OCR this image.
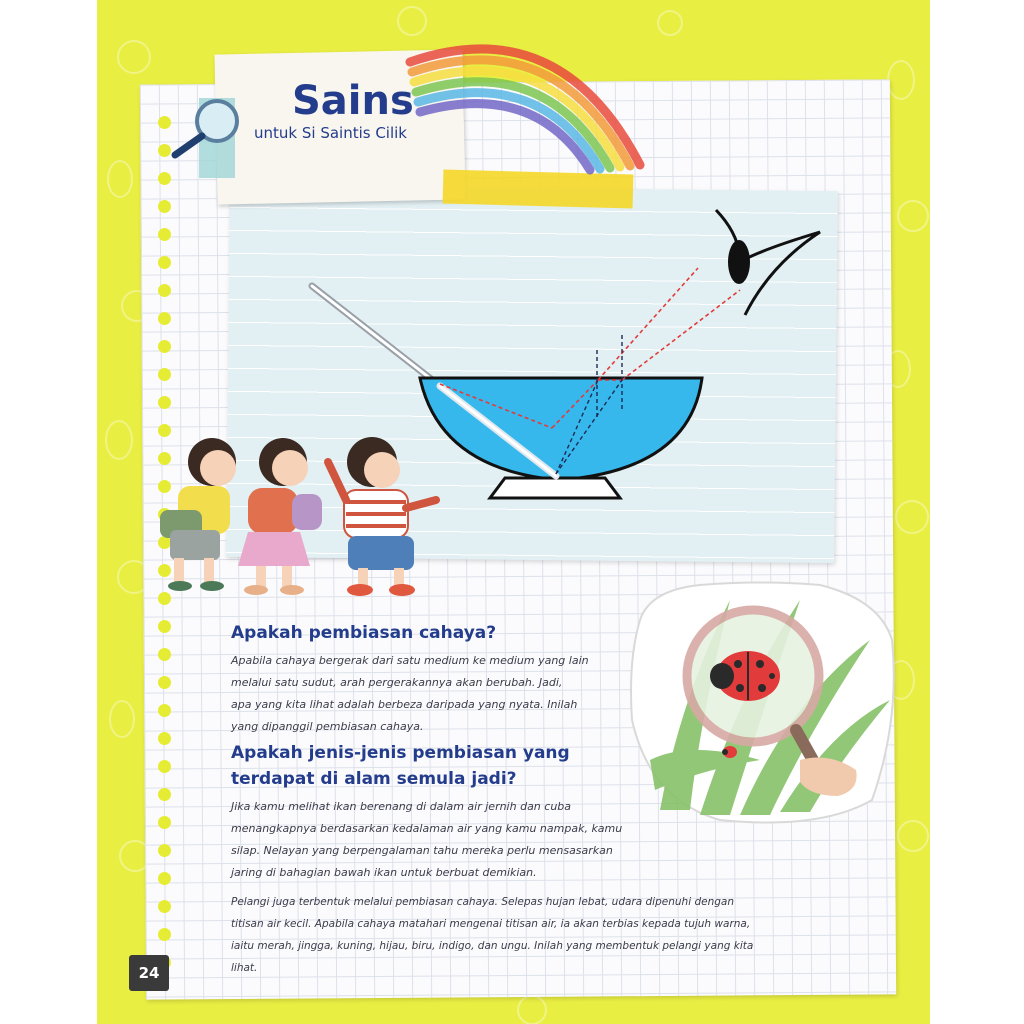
Sains
untuk Si Saintis Cilik
Apakah pembiasan cahaya?
Apabila cahaya bergerak dari satu medium ke medium yang lain
melalui satu sudut, arah pergerakannya akan berubah. Jadi,
apa yang kita lihat adalah berbeza daripada yang nyata. Inilah
yang dipanggil pembiasan cahaya.
Apakah jenis-jenis pembiasan yang
terdapat di alam semula jadi?
Jika kamu melihat ikan berenang di dalam air jernih dan cuba
menangkapnya berdasarkan kedalaman air yang kamu nampak, kamu
silap. Nelayan yang berpengalaman tahu mereka perlu mensasarkan
jaring di bahagian bawah ikan untuk berbuat demikian.
Pelangi juga terbentuk melalui pembiasan cahaya. Selepas hujan lebat, udara dipenuhi dengan
titisan air kecil. Apabila cahaya matahari mengenai titisan air, ia akan terbias kepada tujuh warna,
iaitu merah, jingga, kuning, hijau, biru, indigo, dan ungu. Inilah yang membentuk pelangi yang kita
lihat.
24
